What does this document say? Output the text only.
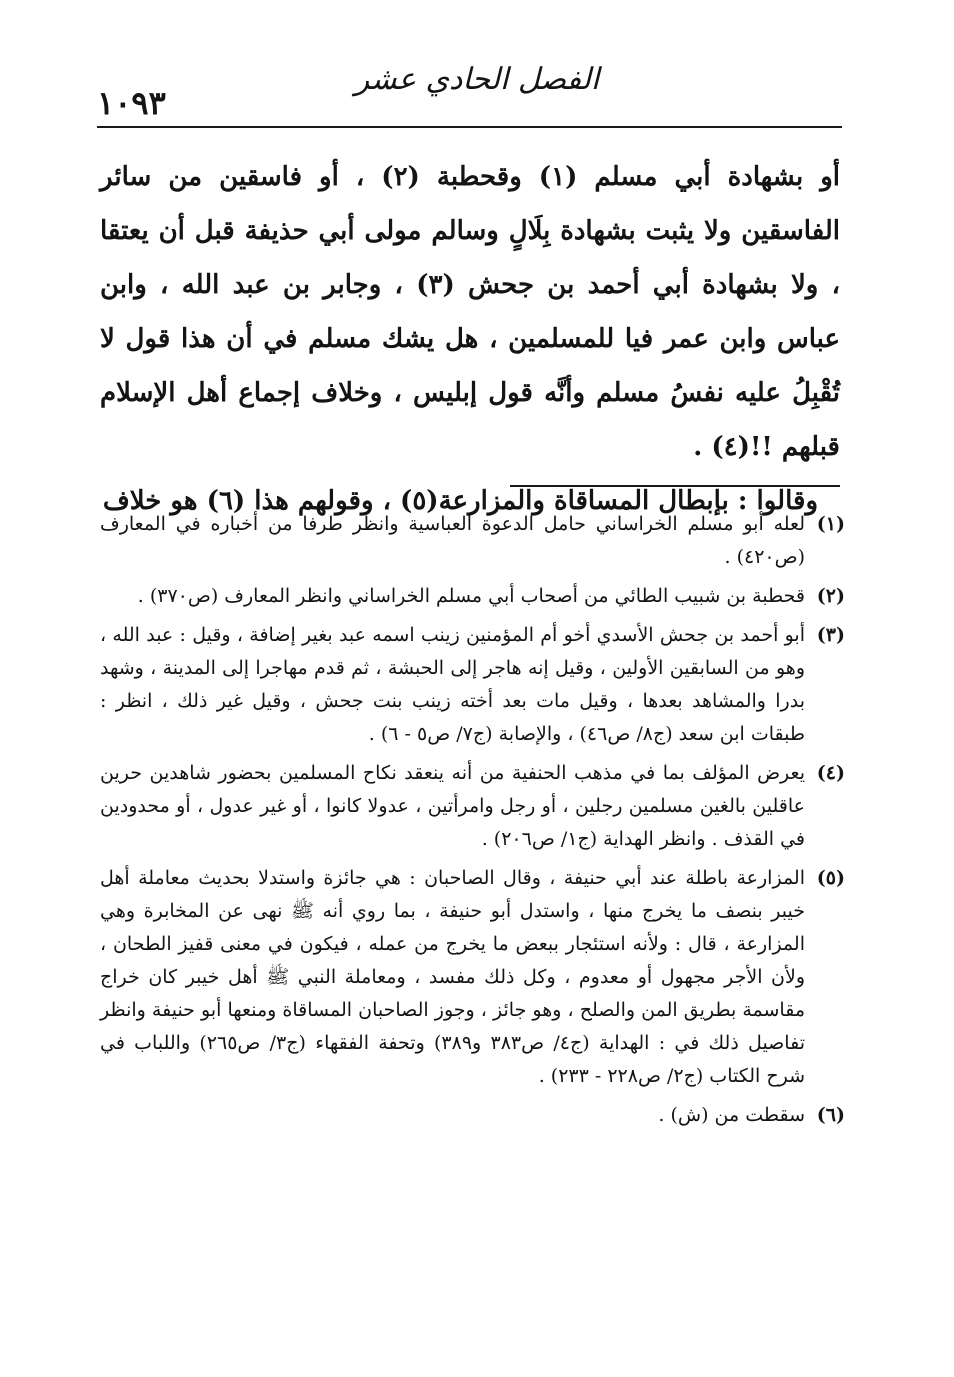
الفصل الحادي عشر
١٠٩٣

أو بشهادة أبي مسلم (١) وقحطبة (٢) ، أو فاسقين من سائر الفاسقين ولا يثبت بشهادة بِلَالٍ وسالم مولى أبي حذيفة قبل أن يعتقا ، ولا بشهادة أبي أحمد بن جحش (٣) ، وجابر بن عبد الله ، وابن عباس وابن عمر فيا للمسلمين ، هل يشك مسلم في أن هذا قول لا تُقْبِلُ عليه نفسُ مسلم وأنَّه قول إبليس ، وخلاف إجماع أهل الإسلام قبلهم !!(٤) .

وقالوا : بإبطال المساقاة والمزارعة(٥) ، وقولهم هذا (٦) هو خلاف

(١)
لعله أبو مسلم الخراساني حامل الدعوة العباسية وانظر طرفا من أخباره في المعارف (ص٤٢٠) .
(٢)
قحطبة بن شبيب الطائي من أصحاب أبي مسلم الخراساني وانظر المعارف (ص٣٧٠) .
(٣)
أبو أحمد بن جحش الأسدي أخو أم المؤمنين زينب اسمه عبد بغير إضافة ، وقيل : عبد الله ، وهو من السابقين الأولين ، وقيل إنه هاجر إلى الحبشة ، ثم قدم مهاجرا إلى المدينة ، وشهد بدرا والمشاهد بعدها ، وقيل مات بعد أخته زينب بنت جحش ، وقيل غير ذلك ، انظر : طبقات ابن سعد (ج٨/ ص٤٦) ، والإصابة (ج٧/ ص٥ - ٦) .
(٤)
يعرض المؤلف بما في مذهب الحنفية من أنه ينعقد نكاح المسلمين بحضور شاهدين حرين عاقلين بالغين مسلمين رجلين ، أو رجل وامرأتين ، عدولا كانوا ، أو غير عدول ، أو محدودين في القذف . وانظر الهداية (ج١/ ص٢٠٦) .
(٥)
المزارعة باطلة عند أبي حنيفة ، وقال الصاحبان : هي جائزة واستدلا بحديث معاملة أهل خيبر بنصف ما يخرج منها ، واستدل أبو حنيفة ، بما روي أنه ﷺ نهى عن المخابرة وهي المزارعة ، قال : ولأنه استئجار ببعض ما يخرج من عمله ، فيكون في معنى قفيز الطحان ، ولأن الأجر مجهول أو معدوم ، وكل ذلك مفسد ، ومعاملة النبي ﷺ أهل خيبر كان خراج مقاسمة بطريق المن والصلح ، وهو جائز ، وجوز الصاحبان المساقاة ومنعها أبو حنيفة وانظر تفاصيل ذلك في : الهداية (ج٤/ ص٣٨٣ و٣٨٩) وتحفة الفقهاء (ج٣/ ص٢٦٥) واللباب في شرح الكتاب (ج٢/ ص٢٢٨ - ٢٣٣) .
(٦)
سقطت من (ش) .
